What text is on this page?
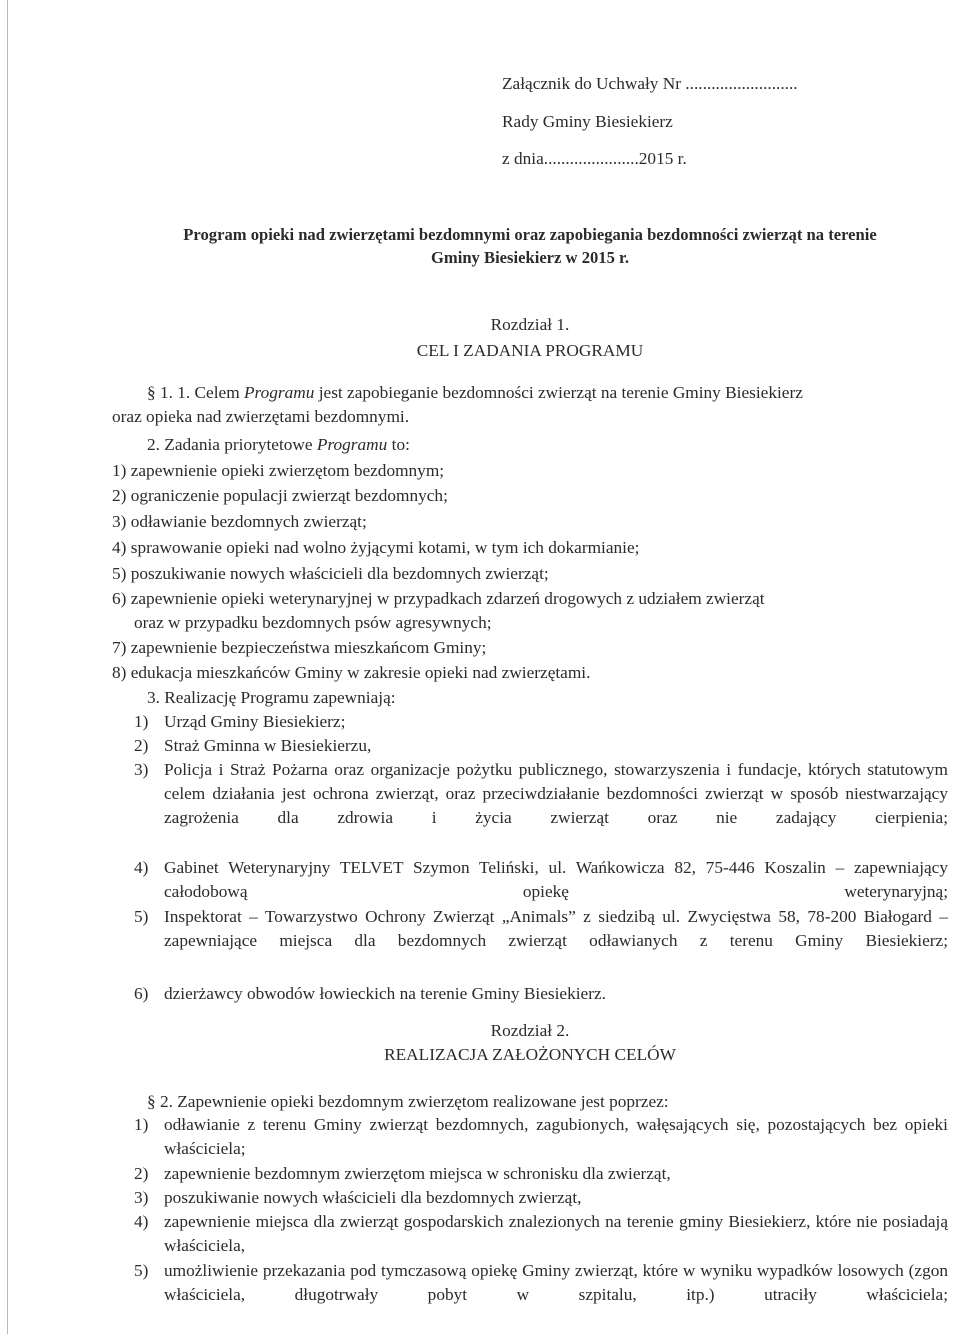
Załącznik do Uchwały Nr ..........................
Rady Gminy Biesiekierz
z dnia......................2015 r.
Program opieki nad zwierzętami bezdomnymi oraz zapobiegania bezdomności zwierząt na terenie
Gminy Biesiekierz w 2015 r.
Rozdział 1.
CEL I ZADANIA PROGRAMU
§ 1. 1. Celem Programu jest zapobieganie bezdomności zwierząt na terenie Gminy Biesiekierz
oraz opieka nad zwierzętami bezdomnymi.
2. Zadania priorytetowe Programu to:
1) zapewnienie opieki zwierzętom bezdomnym;
2) ograniczenie populacji zwierząt bezdomnych;
3) odławianie bezdomnych zwierząt;
4) sprawowanie opieki nad wolno żyjącymi kotami, w tym ich dokarmianie;
5) poszukiwanie nowych właścicieli dla bezdomnych zwierząt;
6) zapewnienie opieki weterynaryjnej w przypadkach zdarzeń drogowych z udziałem zwierząt
oraz w przypadku bezdomnych psów agresywnych;
7) zapewnienie bezpieczeństwa mieszkańcom Gminy;
8) edukacja mieszkańców Gminy w zakresie opieki nad zwierzętami.
3. Realizację Programu zapewniają:
1) Urząd Gminy Biesiekierz;
2) Straż Gminna w Biesiekierzu,
3) Policja i Straż Pożarna oraz organizacje pożytku publicznego, stowarzyszenia i fundacje, których statutowym celem działania jest ochrona zwierząt, oraz przeciwdziałanie bezdomności zwierząt w sposób niestwarzający zagrożenia dla zdrowia i życia zwierząt oraz nie zadający cierpienia;
4) Gabinet Weterynaryjny TELVET Szymon Teliński, ul. Wańkowicza 82, 75-446 Koszalin – zapewniający całodobową opiekę weterynaryjną;
5) Inspektorat – Towarzystwo Ochrony Zwierząt „Animals” z siedzibą ul. Zwycięstwa 58, 78-200 Białogard – zapewniające miejsca dla bezdomnych zwierząt odławianych z terenu Gminy Biesiekierz;
6) dzierżawcy obwodów łowieckich na terenie Gminy Biesiekierz.
Rozdział 2.
REALIZACJA ZAŁOŻONYCH CELÓW
§ 2. Zapewnienie opieki bezdomnym zwierzętom realizowane jest poprzez:
1) odławianie z terenu Gminy zwierząt bezdomnych, zagubionych, wałęsających się, pozostających bez opieki właściciela;
2) zapewnienie bezdomnym zwierzętom miejsca w schronisku dla zwierząt,
3) poszukiwanie nowych właścicieli dla bezdomnych zwierząt,
4) zapewnienie miejsca dla zwierząt gospodarskich znalezionych na terenie gminy Biesiekierz, które nie posiadają właściciela,
5) umożliwienie przekazania pod tymczasową opiekę Gminy zwierząt, które w wyniku wypadków losowych (zgon właściciela, długotrwały pobyt w szpitalu, itp.) utraciły właściciela;
